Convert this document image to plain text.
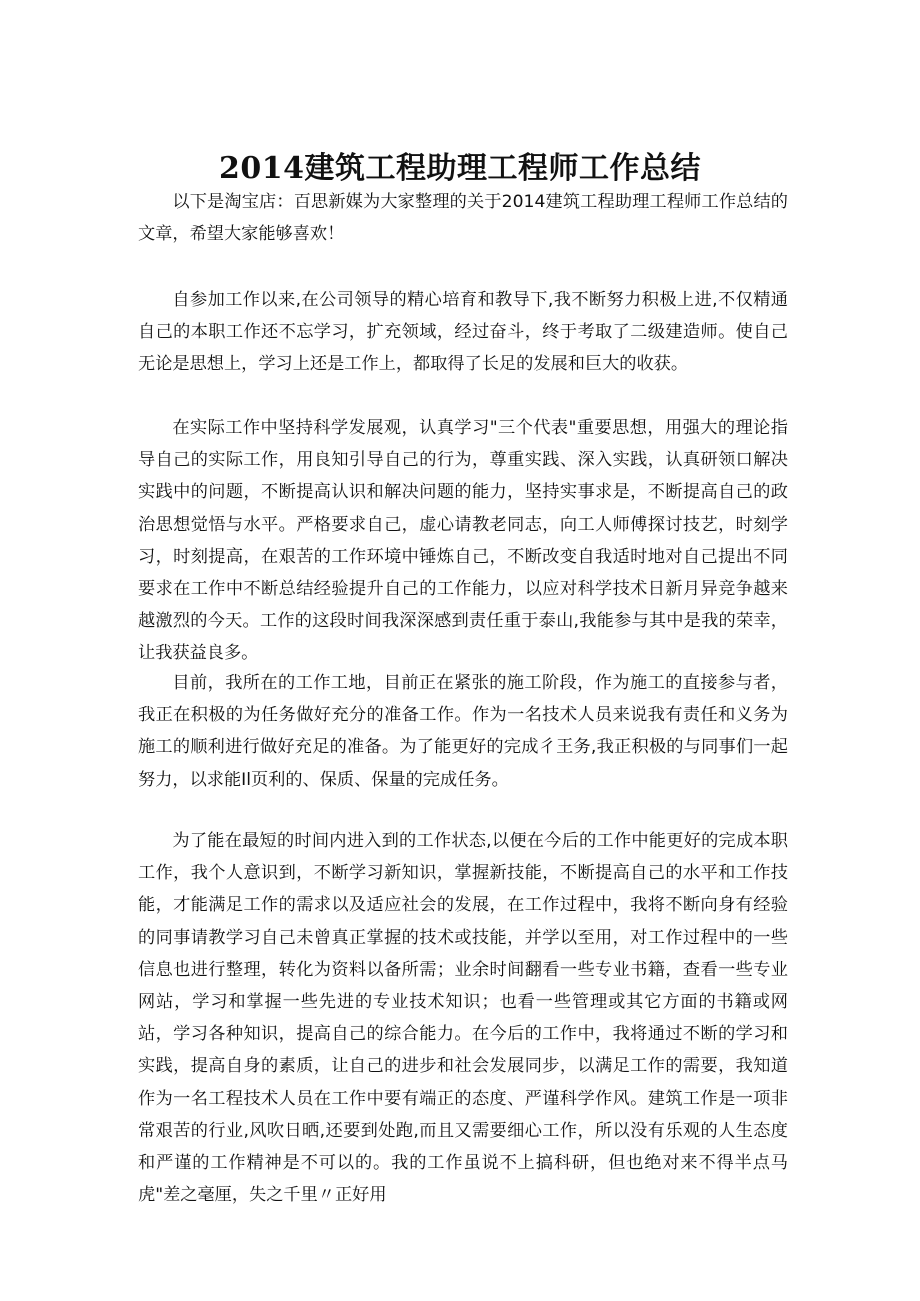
2014建筑工程助理工程师工作总结

以下是淘宝店：百思新媒为大家整理的关于2014建筑工程助理工程师工作总结的文章，希望大家能够喜欢！

自参加工作以来,在公司领导的精心培育和教导下,我不断努力积极上进,不仅精通自己的本职工作还不忘学习，扩充领域，经过奋斗，终于考取了二级建造师。使自己无论是思想上，学习上还是工作上，都取得了长足的发展和巨大的收获。

在实际工作中坚持科学发展观，认真学习"三个代表"重要思想，用强大的理论指导自己的实际工作，用良知引导自己的行为，尊重实践、深入实践，认真研领口解决实践中的问题，不断提高认识和解决问题的能力，坚持实事求是，不断提高自己的政治思想觉悟与水平。严格要求自己，虚心请教老同志，向工人师傅探讨技艺，时刻学习，时刻提高，在艰苦的工作环境中锤炼自己，不断改变自我适时地对自己提出不同要求在工作中不断总结经验提升自己的工作能力，以应对科学技术日新月异竞争越来越激烈的今天。工作的这段时间我深深感到责任重于泰山,我能参与其中是我的荣幸，让我获益良多。

目前，我所在的工作工地，目前正在紧张的施工阶段，作为施工的直接参与者，我正在积极的为任务做好充分的准备工作。作为一名技术人员来说我有责任和义务为施工的顺利进行做好充足的准备。为了能更好的完成彳王务,我正积极的与同事们一起努力，以求能Il页利的、保质、保量的完成任务。

为了能在最短的时间内进入到的工作状态,以便在今后的工作中能更好的完成本职工作，我个人意识到，不断学习新知识，掌握新技能，不断提高自己的水平和工作技能，才能满足工作的需求以及适应社会的发展，在工作过程中，我将不断向身有经验的同事请教学习自己未曾真正掌握的技术或技能，并学以至用，对工作过程中的一些信息也进行整理，转化为资料以备所需；业余时间翻看一些专业书籍，查看一些专业网站，学习和掌握一些先进的专业技术知识；也看一些管理或其它方面的书籍或网站，学习各种知识，提高自己的综合能力。在今后的工作中，我将通过不断的学习和实践，提高自身的素质，让自己的进步和社会发展同步，以满足工作的需要，我知道作为一名工程技术人员在工作中要有端正的态度、严谨科学作风。建筑工作是一项非常艰苦的行业,风吹日晒,还要到处跑,而且又需要细心工作，所以没有乐观的人生态度和严谨的工作精神是不可以的。我的工作虽说不上搞科研，但也绝对来不得半点马虎"差之毫厘，失之千里〃正好用
